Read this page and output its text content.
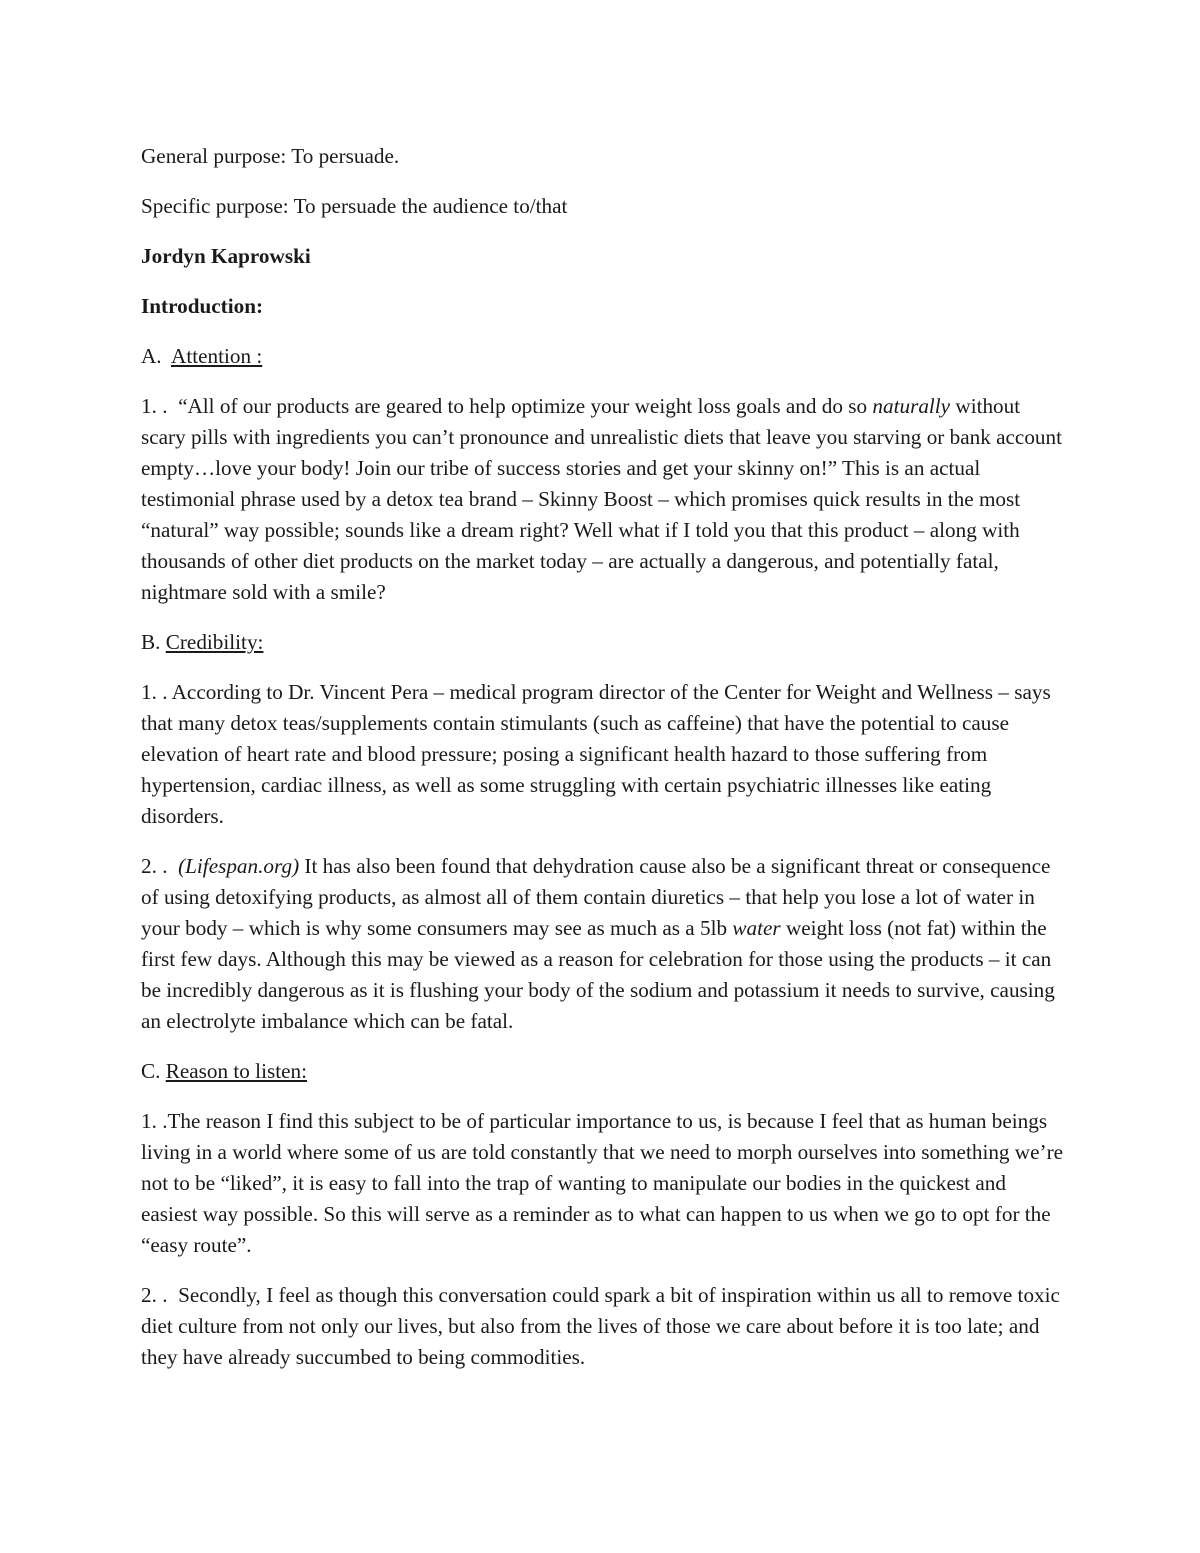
General purpose: To persuade.

Specific purpose: To persuade the audience to/that

Jordyn Kaprowski

Introduction:

A.  Attention :

1. .  “All of our products are geared to help optimize your weight loss goals and do so naturally without scary pills with ingredients you can’t pronounce and unrealistic diets that leave you starving or bank account empty…love your body! Join our tribe of success stories and get your skinny on!” This is an actual testimonial phrase used by a detox tea brand – Skinny Boost – which promises quick results in the most “natural” way possible; sounds like a dream right? Well what if I told you that this product – along with thousands of other diet products on the market today – are actually a dangerous, and potentially fatal, nightmare sold with a smile?

B. Credibility:

1. . According to Dr. Vincent Pera – medical program director of the Center for Weight and Wellness – says that many detox teas/supplements contain stimulants (such as caffeine) that have the potential to cause elevation of heart rate and blood pressure; posing a significant health hazard to those suffering from hypertension, cardiac illness, as well as some struggling with certain psychiatric illnesses like eating disorders.

2. .  (Lifespan.org) It has also been found that dehydration cause also be a significant threat or consequence of using detoxifying products, as almost all of them contain diuretics – that help you lose a lot of water in your body – which is why some consumers may see as much as a 5lb water weight loss (not fat) within the first few days. Although this may be viewed as a reason for celebration for those using the products – it can be incredibly dangerous as it is flushing your body of the sodium and potassium it needs to survive, causing an electrolyte imbalance which can be fatal.

C. Reason to listen:

1. .The reason I find this subject to be of particular importance to us, is because I feel that as human beings living in a world where some of us are told constantly that we need to morph ourselves into something we’re not to be “liked”, it is easy to fall into the trap of wanting to manipulate our bodies in the quickest and easiest way possible. So this will serve as a reminder as to what can happen to us when we go to opt for the “easy route”.

2. .  Secondly, I feel as though this conversation could spark a bit of inspiration within us all to remove toxic diet culture from not only our lives, but also from the lives of those we care about before it is too late; and they have already succumbed to being commodities.
